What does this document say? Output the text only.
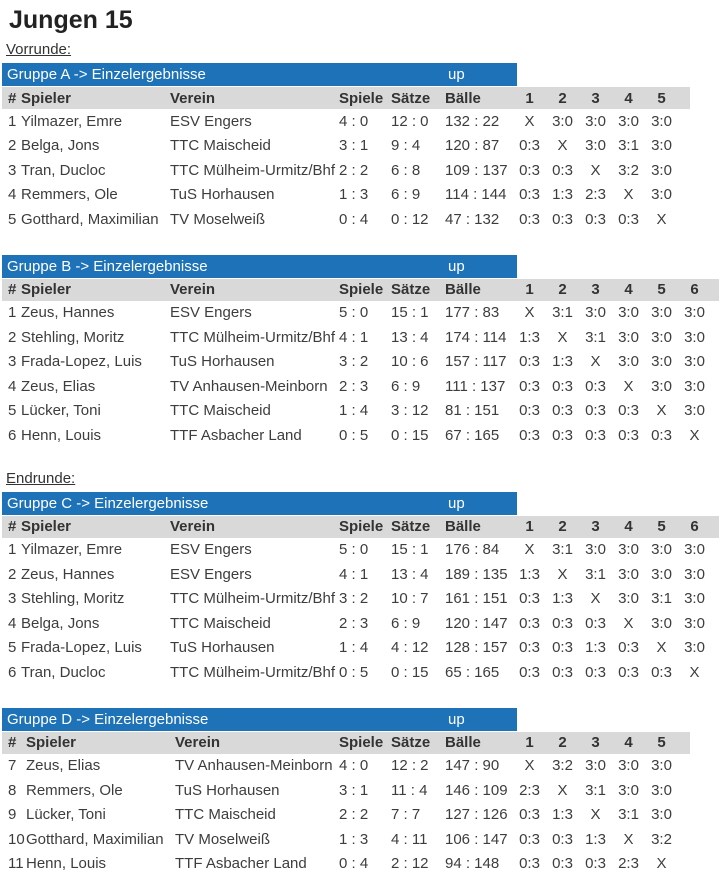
Jungen 15
Vorrunde:
Gruppe A -> Einzelergebnisse	up
#	Spieler	Verein	Spiele	Sätze	Bälle	1	2	3	4	5	
1	Yilmazer, Emre	ESV Engers	4 : 0	12 : 0	132 : 22	X	3:0	3:0	3:0	3:0	
2	Belga, Jons	TTC Maischeid	3 : 1	9 : 4	120 : 87	0:3	X	3:0	3:1	3:0	
3	Tran, Ducloc	TTC Mülheim-Urmitz/Bhf	2 : 2	6 : 8	109 : 137	0:3	0:3	X	3:2	3:0	
4	Remmers, Ole	TuS Horhausen	1 : 3	6 : 9	114 : 144	0:3	1:3	2:3	X	3:0	
5	Gotthard, Maximilian	TV Moselweiß	0 : 4	0 : 12	47 : 132	0:3	0:3	0:3	0:3	X	
Gruppe B -> Einzelergebnisse	up
#	Spieler	Verein	Spiele	Sätze	Bälle	1	2	3	4	5	6	
1	Zeus, Hannes	ESV Engers	5 : 0	15 : 1	177 : 83	X	3:1	3:0	3:0	3:0	3:0	
2	Stehling, Moritz	TTC Mülheim-Urmitz/Bhf	4 : 1	13 : 4	174 : 114	1:3	X	3:1	3:0	3:0	3:0	
3	Frada-Lopez, Luis	TuS Horhausen	3 : 2	10 : 6	157 : 117	0:3	1:3	X	3:0	3:0	3:0	
4	Zeus, Elias	TV Anhausen-Meinborn	2 : 3	6 : 9	111 : 137	0:3	0:3	0:3	X	3:0	3:0	
5	Lücker, Toni	TTC Maischeid	1 : 4	3 : 12	81 : 151	0:3	0:3	0:3	0:3	X	3:0	
6	Henn, Louis	TTF Asbacher Land	0 : 5	0 : 15	67 : 165	0:3	0:3	0:3	0:3	0:3	X	
Endrunde:
Gruppe C -> Einzelergebnisse	up
#	Spieler	Verein	Spiele	Sätze	Bälle	1	2	3	4	5	6	
1	Yilmazer, Emre	ESV Engers	5 : 0	15 : 1	176 : 84	X	3:1	3:0	3:0	3:0	3:0	
2	Zeus, Hannes	ESV Engers	4 : 1	13 : 4	189 : 135	1:3	X	3:1	3:0	3:0	3:0	
3	Stehling, Moritz	TTC Mülheim-Urmitz/Bhf	3 : 2	10 : 7	161 : 151	0:3	1:3	X	3:0	3:1	3:0	
4	Belga, Jons	TTC Maischeid	2 : 3	6 : 9	120 : 147	0:3	0:3	0:3	X	3:0	3:0	
5	Frada-Lopez, Luis	TuS Horhausen	1 : 4	4 : 12	128 : 157	0:3	0:3	1:3	0:3	X	3:0	
6	Tran, Ducloc	TTC Mülheim-Urmitz/Bhf	0 : 5	0 : 15	65 : 165	0:3	0:3	0:3	0:3	0:3	X	
Gruppe D -> Einzelergebnisse	up
#	Spieler	Verein	Spiele	Sätze	Bälle	1	2	3	4	5	
7	Zeus, Elias	TV Anhausen-Meinborn	4 : 0	12 : 2	147 : 90	X	3:2	3:0	3:0	3:0	
8	Remmers, Ole	TuS Horhausen	3 : 1	11 : 4	146 : 109	2:3	X	3:1	3:0	3:0	
9	Lücker, Toni	TTC Maischeid	2 : 2	7 : 7	127 : 126	0:3	1:3	X	3:1	3:0	
10	Gotthard, Maximilian	TV Moselweiß	1 : 3	4 : 11	106 : 147	0:3	0:3	1:3	X	3:2	
11	Henn, Louis	TTF Asbacher Land	0 : 4	2 : 12	94 : 148	0:3	0:3	0:3	2:3	X	
